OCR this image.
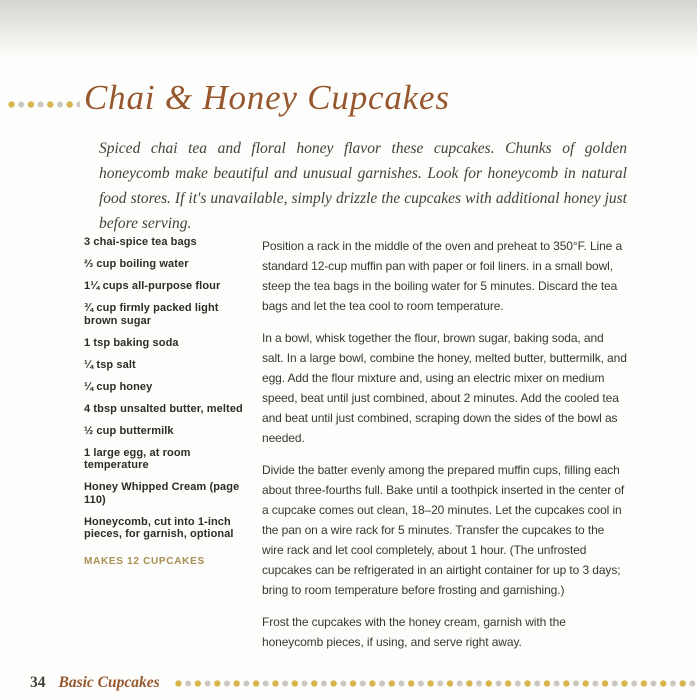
Chai & Honey Cupcakes

Spiced chai tea and floral honey flavor these cupcakes. Chunks of golden honeycomb make beautiful and unusual garnishes. Look for honeycomb in natural food stores. If it's unavailable, simply drizzle the cupcakes with additional honey just before serving.

3 chai-spice tea bags
⅔ cup boiling water
1¼ cups all-purpose flour
¾ cup firmly packed light brown sugar
1 tsp baking soda
¼ tsp salt
¼ cup honey
4 tbsp unsalted butter, melted
½ cup buttermilk
1 large egg, at room temperature
Honey Whipped Cream (page 110)
Honeycomb, cut into 1-inch pieces, for garnish, optional
MAKES 12 CUPCAKES

Position a rack in the middle of the oven and preheat to 350°F. Line a standard 12-cup muffin pan with paper or foil liners. in a small bowl, steep the tea bags in the boiling water for 5 minutes. Discard the tea bags and let the tea cool to room temperature.

In a bowl, whisk together the flour, brown sugar, baking soda, and salt. In a large bowl, combine the honey, melted butter, buttermilk, and egg. Add the flour mixture and, using an electric mixer on medium speed, beat until just combined, about 2 minutes. Add the cooled tea and beat until just combined, scraping down the sides of the bowl as needed.

Divide the batter evenly among the prepared muffin cups, filling each about three-fourths full. Bake until a toothpick inserted in the center of a cupcake comes out clean, 18–20 minutes. Let the cupcakes cool in the pan on a wire rack for 5 minutes. Transfer the cupcakes to the wire rack and let cool completely, about 1 hour. (The unfrosted cupcakes can be refrigerated in an airtight container for up to 3 days; bring to room temperature before frosting and garnishing.)

Frost the cupcakes with the honey cream, garnish with the honeycomb pieces, if using, and serve right away.

34 Basic Cupcakes
